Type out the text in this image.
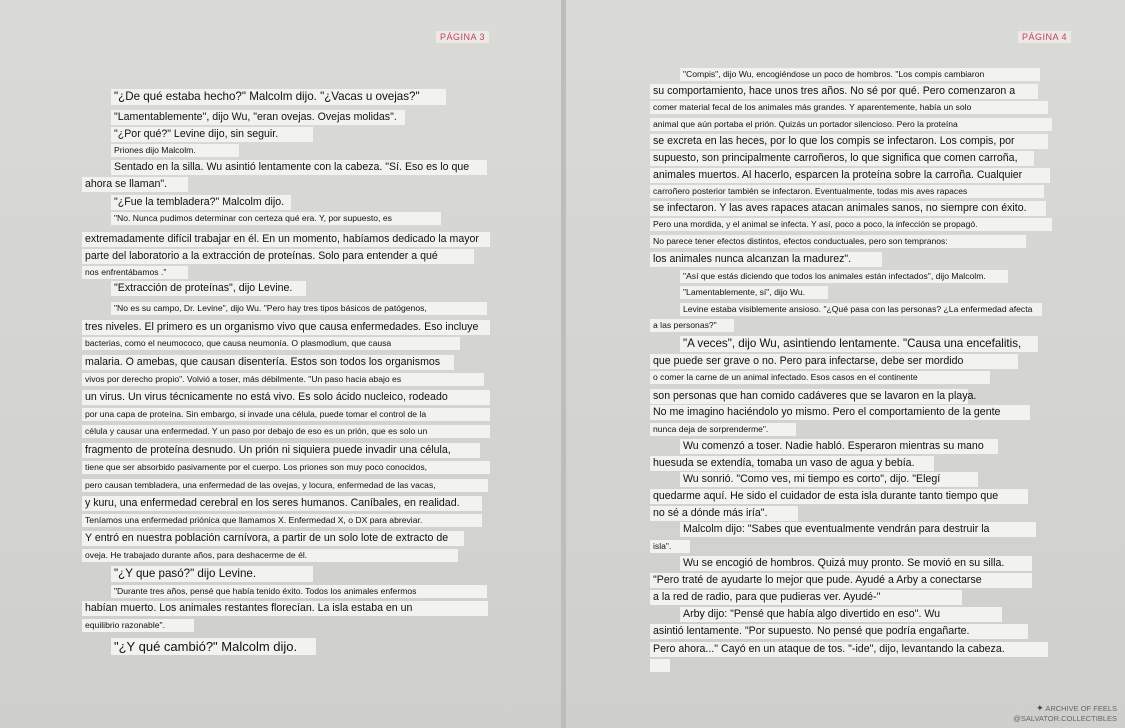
PÁGINA 3
"¿De qué estaba hecho?" Malcolm dijo. "¿Vacas u ovejas?"
"Lamentablemente", dijo Wu, "eran ovejas. Ovejas molidas".
"¿Por qué?" Levine dijo, sin seguir.
Priones dijo Malcolm.
Sentado en la silla. Wu asintió lentamente con la cabeza. "Sí. Eso es lo que
ahora se llaman".
"¿Fue la tembladera?" Malcolm dijo.
"No. Nunca pudimos determinar con certeza qué era. Y, por supuesto, es
extremadamente difícil trabajar en él. En un momento, habíamos dedicado la mayor
parte del laboratorio a la extracción de proteínas. Solo para entender a qué
nos enfrentábamos ."
"Extracción de proteínas", dijo Levine.
"No es su campo, Dr. Levine", dijo Wu. "Pero hay tres tipos básicos de patógenos,
tres niveles. El primero es un organismo vivo que causa enfermedades. Eso incluye
bacterias, como el neumococo, que causa neumonía. O plasmodium, que causa
malaria. O amebas, que causan disentería. Estos son todos los organismos
vivos por derecho propio". Volvió a toser, más débilmente. "Un paso hacia abajo es
un virus. Un virus técnicamente no está vivo. Es solo ácido nucleico, rodeado
por una capa de proteína. Sin embargo, si invade una célula, puede tomar el control de la
célula y causar una enfermedad. Y un paso por debajo de eso es un prión, que es solo un
fragmento de proteína desnudo. Un prión ni siquiera puede invadir una célula,
tiene que ser absorbido pasivamente por el cuerpo. Los priones son muy poco conocidos,
pero causan tembladera, una enfermedad de las ovejas, y locura, enfermedad de las vacas,
y kuru, una enfermedad cerebral en los seres humanos. Caníbales, en realidad.
Teníamos una enfermedad priónica que llamamos X. Enfermedad X, o DX para abreviar.
Y entró en nuestra población carnívora, a partir de un solo lote de extracto de
oveja. He trabajado durante años, para deshacerme de él.
"¿Y que pasó?" dijo Levine.
"Durante tres años, pensé que había tenido éxito. Todos los animales enfermos
habían muerto. Los animales restantes florecían. La isla estaba en un
equilibrio razonable".
"¿Y qué cambió?" Malcolm dijo.
PÁGINA 4
"Compis", dijo Wu, encogiéndose un poco de hombros. "Los compis cambiaron
su comportamiento, hace unos tres años. No sé por qué. Pero comenzaron a
comer material fecal de los animales más grandes. Y aparentemente, había un solo
animal que aún portaba el prión. Quizás un portador silencioso. Pero la proteína
se excreta en las heces, por lo que los compis se infectaron. Los compis, por
supuesto, son principalmente carroñeros, lo que significa que comen carroña,
animales muertos. Al hacerlo, esparcen la proteína sobre la carroña. Cualquier
carroñero posterior también se infectaron. Eventualmente, todas mis aves rapaces
se infectaron. Y las aves rapaces atacan animales sanos, no siempre con éxito.
Pero una mordida, y el animal se infecta. Y así, poco a poco, la infección se propagó.
No parece tener efectos distintos, efectos conductuales, pero son tempranos:
los animales nunca alcanzan la madurez".
"Así que estás diciendo que todos los animales están infectados", dijo Malcolm.
"Lamentablemente, sí", dijo Wu.
Levine estaba visiblemente ansioso. "¿Qué pasa con las personas? ¿La enfermedad afecta
a las personas?"
"A veces", dijo Wu, asintiendo lentamente. "Causa una encefalitis,
que puede ser grave o no. Pero para infectarse, debe ser mordido
o comer la carne de un animal infectado. Esos casos en el continente
son personas que han comido cadáveres que se lavaron en la playa.
No me imagino haciéndolo yo mismo. Pero el comportamiento de la gente
nunca deja de sorprenderme".
Wu comenzó a toser. Nadie habló. Esperaron mientras su mano
huesuda se extendía, tomaba un vaso de agua y bebía.
Wu sonrió. "Como ves, mi tiempo es corto", dijo. "Elegí
quedarme aquí. He sido el cuidador de esta isla durante tanto tiempo que
no sé a dónde más iría".
Malcolm dijo: "Sabes que eventualmente vendrán para destruir la
isla".
Wu se encogió de hombros. Quizá muy pronto. Se movió en su silla.
"Pero traté de ayudarte lo mejor que pude. Ayudé a Arby a conectarse
a la red de radio, para que pudieras ver. Ayudé-"
Arby dijo: "Pensé que había algo divertido en eso". Wu
asintió lentamente. "Por supuesto. No pensé que podría engañarte.
Pero ahora..." Cayó en un ataque de tos. "-ide", dijo, levantando la cabeza.
✦ ARCHIVE OF FEELS
@SALVATOR.COLLECTIBLES
